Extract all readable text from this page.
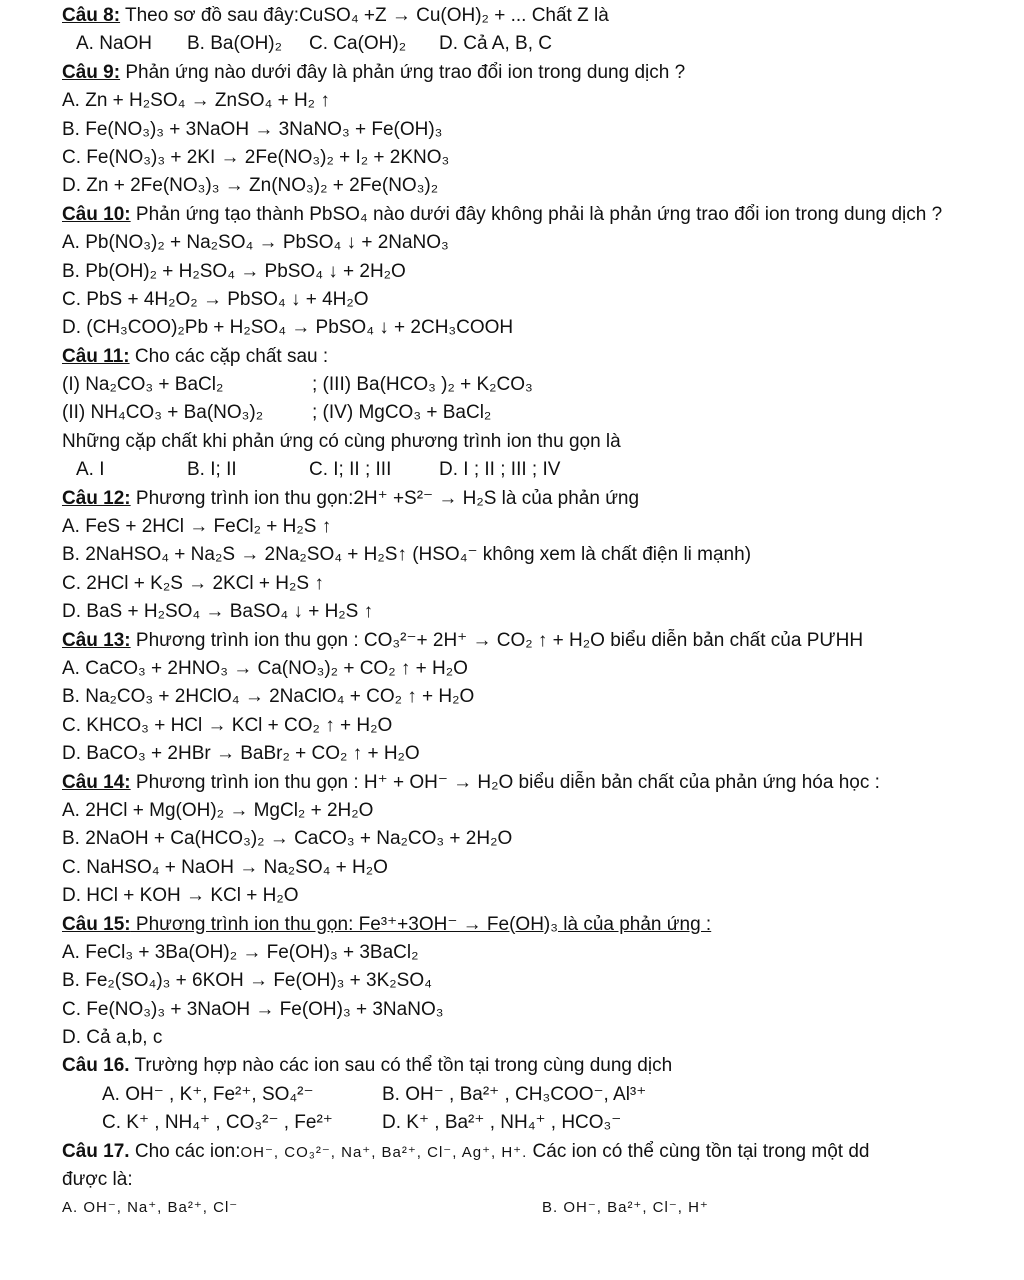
Câu 8: Theo sơ đồ sau đây:CuSO₄ +Z → Cu(OH)₂ + ... Chất Z là
A. NaOH	B. Ba(OH)₂	C. Ca(OH)₂	D. Cả A, B, C
Câu 9: Phản ứng nào dưới đây là phản ứng trao đổi ion trong dung dịch ?
A. Zn + H₂SO₄ → ZnSO₄ + H₂ ↑
B. Fe(NO₃)₃ + 3NaOH → 3NaNO₃ + Fe(OH)₃
C. Fe(NO₃)₃ + 2KI → 2Fe(NO₃)₂ + I₂ + 2KNO₃
D. Zn + 2Fe(NO₃)₃ → Zn(NO₃)₂ + 2Fe(NO₃)₂
Câu 10: Phản ứng tạo thành PbSO₄ nào dưới đây không phải là phản ứng trao đổi ion trong dung dịch ?
A. Pb(NO₃)₂ + Na₂SO₄ → PbSO₄ ↓ + 2NaNO₃
B. Pb(OH)₂ + H₂SO₄ → PbSO₄ ↓ + 2H₂O
C. PbS + 4H₂O₂ → PbSO₄ ↓ + 4H₂O
D. (CH₃COO)₂Pb + H₂SO₄ → PbSO₄ ↓ + 2CH₃COOH
Câu 11: Cho các cặp chất sau :
(I) Na₂CO₃ + BaCl₂	; (III) Ba(HCO₃ )₂ + K₂CO₃
(II) NH₄CO₃ + Ba(NO₃)₂	; (IV) MgCO₃ + BaCl₂
Những cặp chất khi phản ứng có cùng phương trình ion thu gọn là
A. I	B. I; II	C. I; II ; III	D. I ; II ; III ; IV
Câu 12: Phương trình ion thu gọn:2H⁺ +S²⁻ → H₂S là của phản ứng
A. FeS + 2HCl → FeCl₂ + H₂S ↑
B. 2NaHSO₄ + Na₂S → 2Na₂SO₄ + H₂S↑ (HSO₄⁻ không xem là chất điện li mạnh)
C. 2HCl + K₂S → 2KCl + H₂S ↑
D. BaS + H₂SO₄ → BaSO₄ ↓ + H₂S ↑
Câu 13: Phương trình ion thu gọn : CO₃²⁻+ 2H⁺ → CO₂ ↑ + H₂O biểu diễn bản chất của PƯHH
A. CaCO₃ + 2HNO₃ → Ca(NO₃)₂ + CO₂ ↑ + H₂O
B. Na₂CO₃ + 2HClO₄ → 2NaClO₄ + CO₂ ↑ + H₂O
C. KHCO₃ + HCl → KCl + CO₂ ↑ + H₂O
D. BaCO₃ + 2HBr → BaBr₂ + CO₂ ↑ + H₂O
Câu 14: Phương trình ion thu gọn : H⁺ + OH⁻ → H₂O biểu diễn bản chất của phản ứng hóa học :
A. 2HCl + Mg(OH)₂ → MgCl₂ + 2H₂O
B. 2NaOH + Ca(HCO₃)₂ → CaCO₃ + Na₂CO₃ + 2H₂O
C. NaHSO₄ + NaOH → Na₂SO₄ + H₂O
D. HCl + KOH → KCl + H₂O
Câu 15: Phương trình ion thu gọn: Fe³⁺+3OH⁻ → Fe(OH)₃ là của phản ứng :
A. FeCl₃ + 3Ba(OH)₂ → Fe(OH)₃ + 3BaCl₂
B. Fe₂(SO₄)₃ + 6KOH → Fe(OH)₃ + 3K₂SO₄
C. Fe(NO₃)₃ + 3NaOH → Fe(OH)₃ + 3NaNO₃
D. Cả a,b, c
Câu 16. Trường hợp nào các ion sau có thể tồn tại trong cùng dung dịch
A. OH⁻ , K⁺, Fe²⁺, SO₄²⁻	B. OH⁻ , Ba²⁺ , CH₃COO⁻, Al³⁺
C. K⁺ , NH₄⁺ , CO₃²⁻ , Fe²⁺	D. K⁺ , Ba²⁺ , NH₄⁺ , HCO₃⁻
Câu 17. Cho các ion:OH⁻, CO₃²⁻, Na⁺, Ba²⁺, Cl⁻, Ag⁺, H⁺. Các ion có thể cùng tồn tại trong một dd
được là:
A. OH⁻, Na⁺, Ba²⁺, Cl⁻	B. OH⁻, Ba²⁺, Cl⁻, H⁺
